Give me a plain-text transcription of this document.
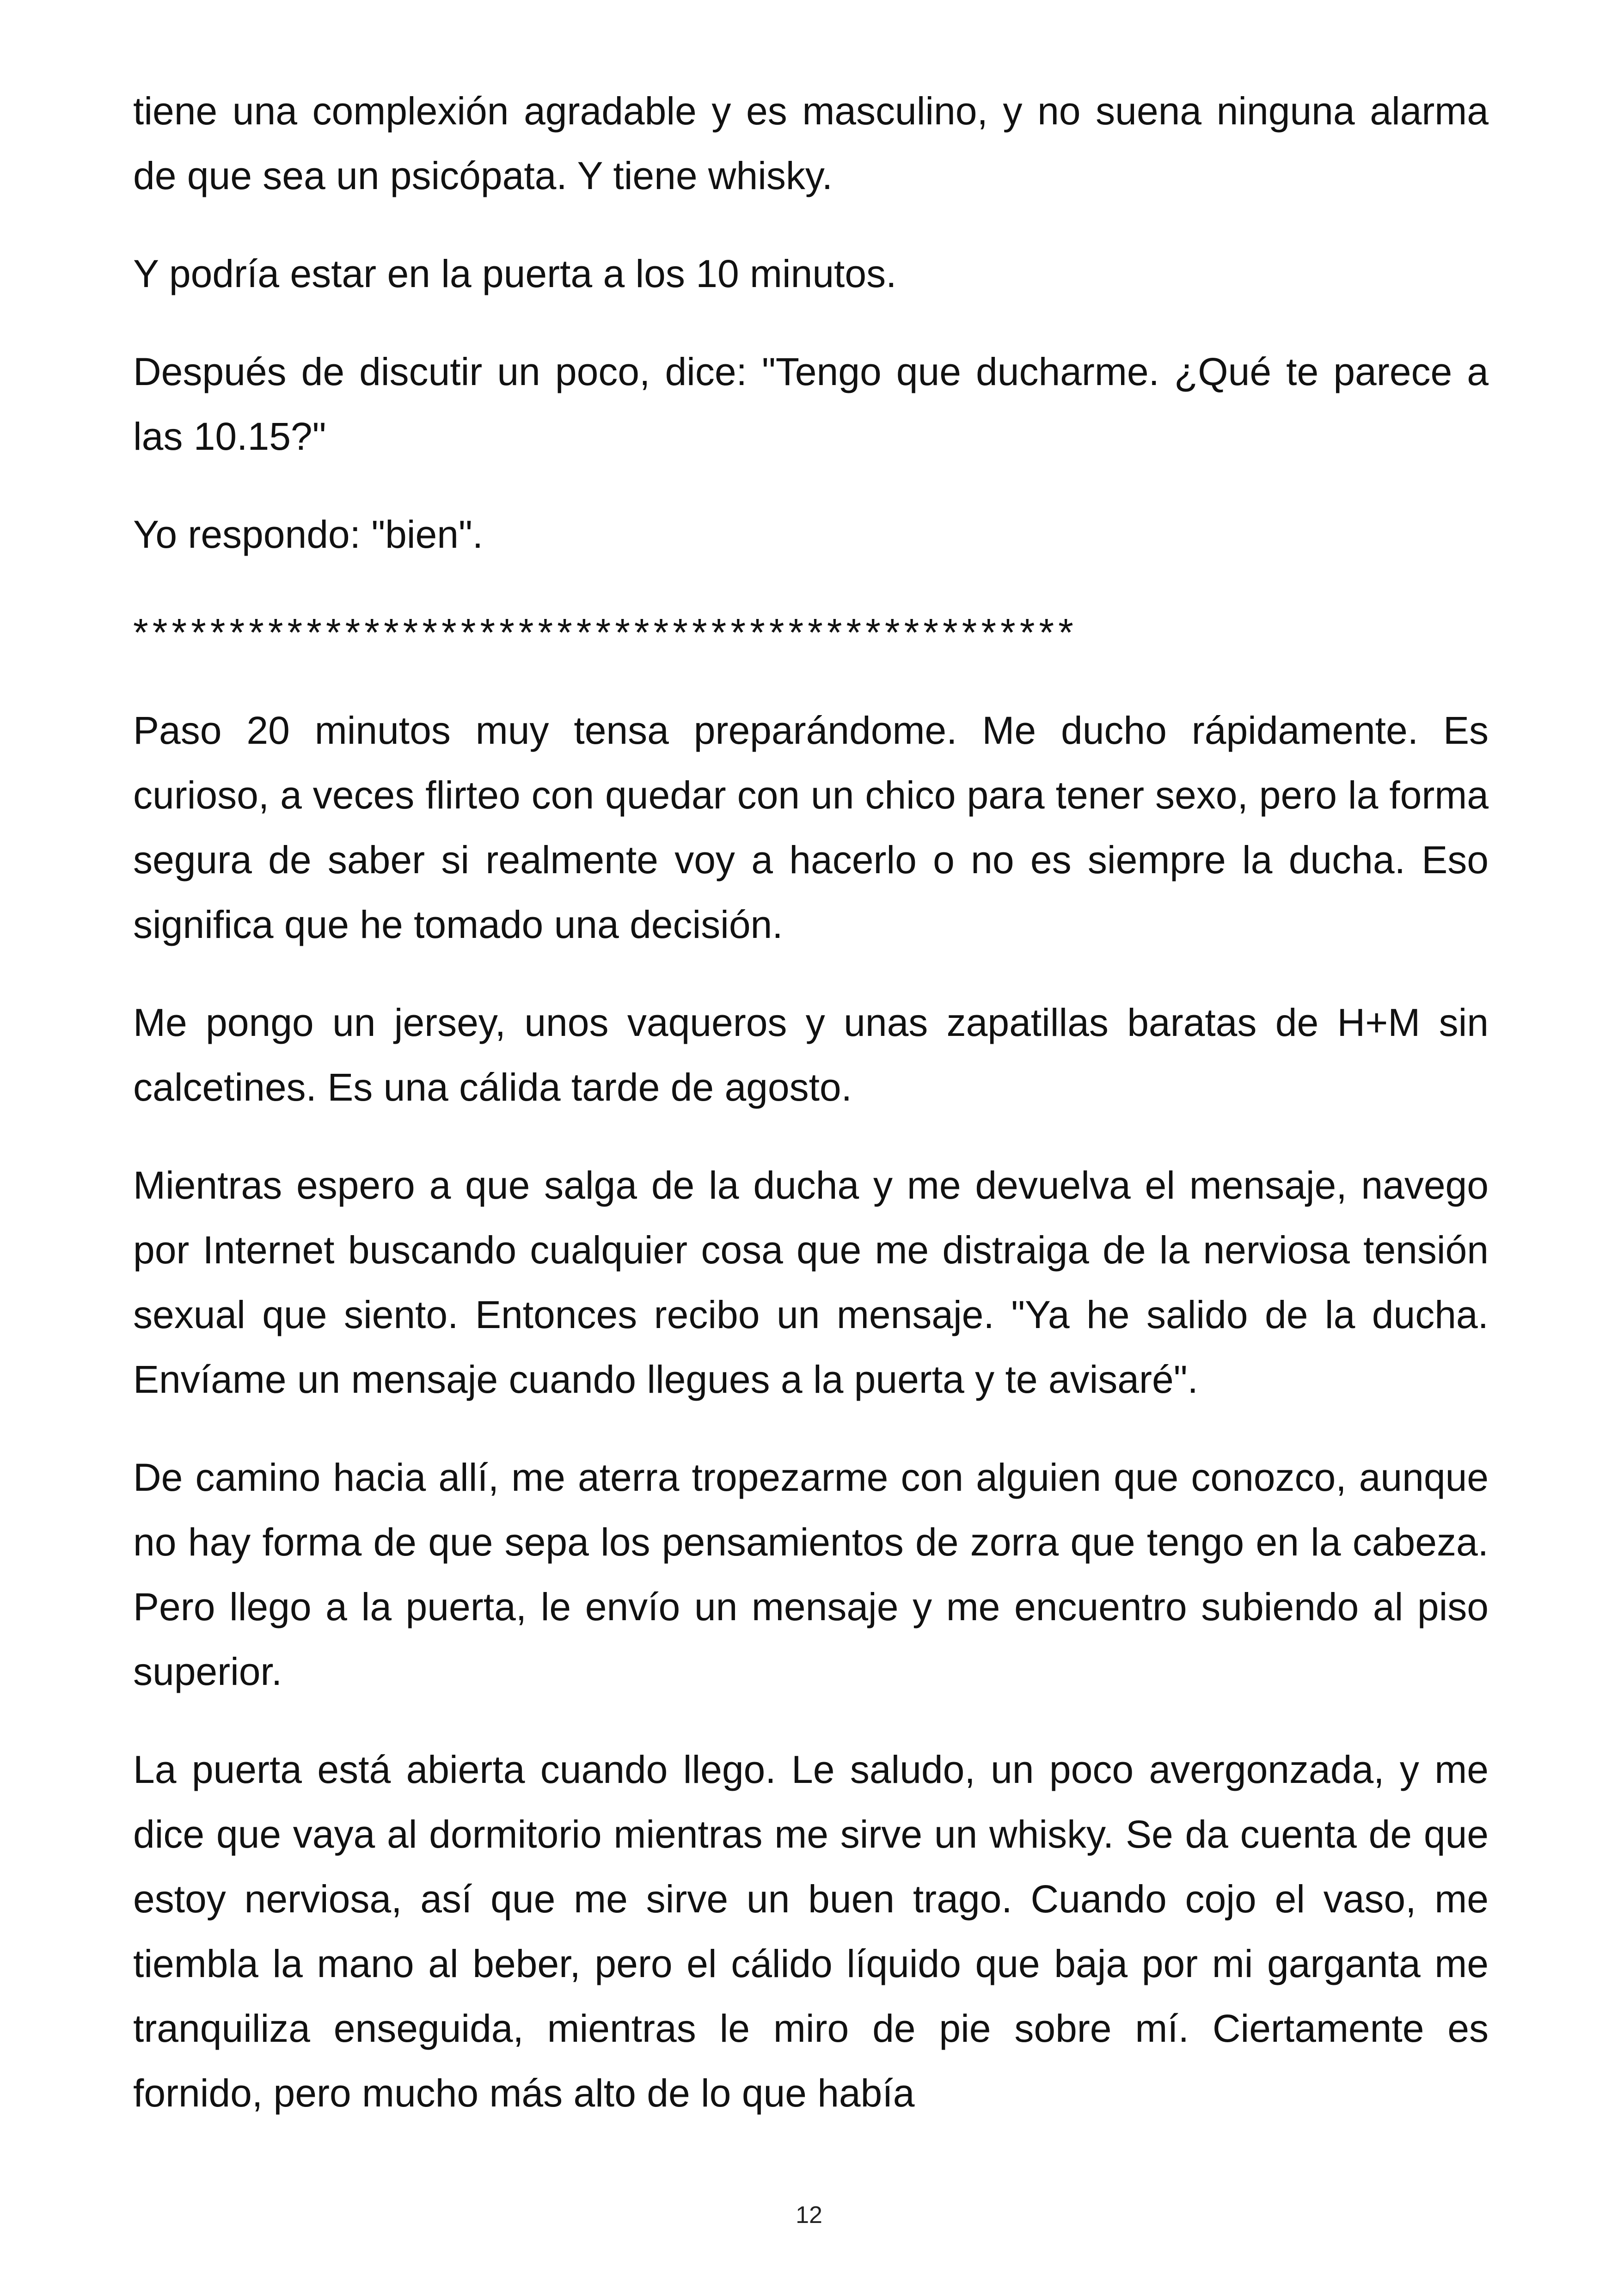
tiene una complexión agradable y es masculino, y no suena ninguna alarma de que sea un psicópata. Y tiene whisky.

Y podría estar en la puerta a los 10 minutos.

Después de discutir un poco, dice: "Tengo que ducharme. ¿Qué te parece a las 10.15?"

Yo respondo: "bien".

*************************************************

Paso 20 minutos muy tensa preparándome. Me ducho rápidamente. Es curioso, a veces flirteo con quedar con un chico para tener sexo, pero la forma segura de saber si realmente voy a hacerlo o no es siempre la ducha. Eso significa que he tomado una decisión.

Me pongo un jersey, unos vaqueros y unas zapatillas baratas de H+M sin calcetines. Es una cálida tarde de agosto.

Mientras espero a que salga de la ducha y me devuelva el mensaje, navego por Internet buscando cualquier cosa que me distraiga de la nerviosa tensión sexual que siento. Entonces recibo un mensaje. "Ya he salido de la ducha. Envíame un mensaje cuando llegues a la puerta y te avisaré".

De camino hacia allí, me aterra tropezarme con alguien que conozco, aunque no hay forma de que sepa los pensamientos de zorra que tengo en la cabeza. Pero llego a la puerta, le envío un mensaje y me encuentro subiendo al piso superior.

La puerta está abierta cuando llego. Le saludo, un poco avergonzada, y me dice que vaya al dormitorio mientras me sirve un whisky. Se da cuenta de que estoy nerviosa, así que me sirve un buen trago. Cuando cojo el vaso, me tiembla la mano al beber, pero el cálido líquido que baja por mi garganta me tranquiliza enseguida, mientras le miro de pie sobre mí. Ciertamente es fornido, pero mucho más alto de lo que había

12
